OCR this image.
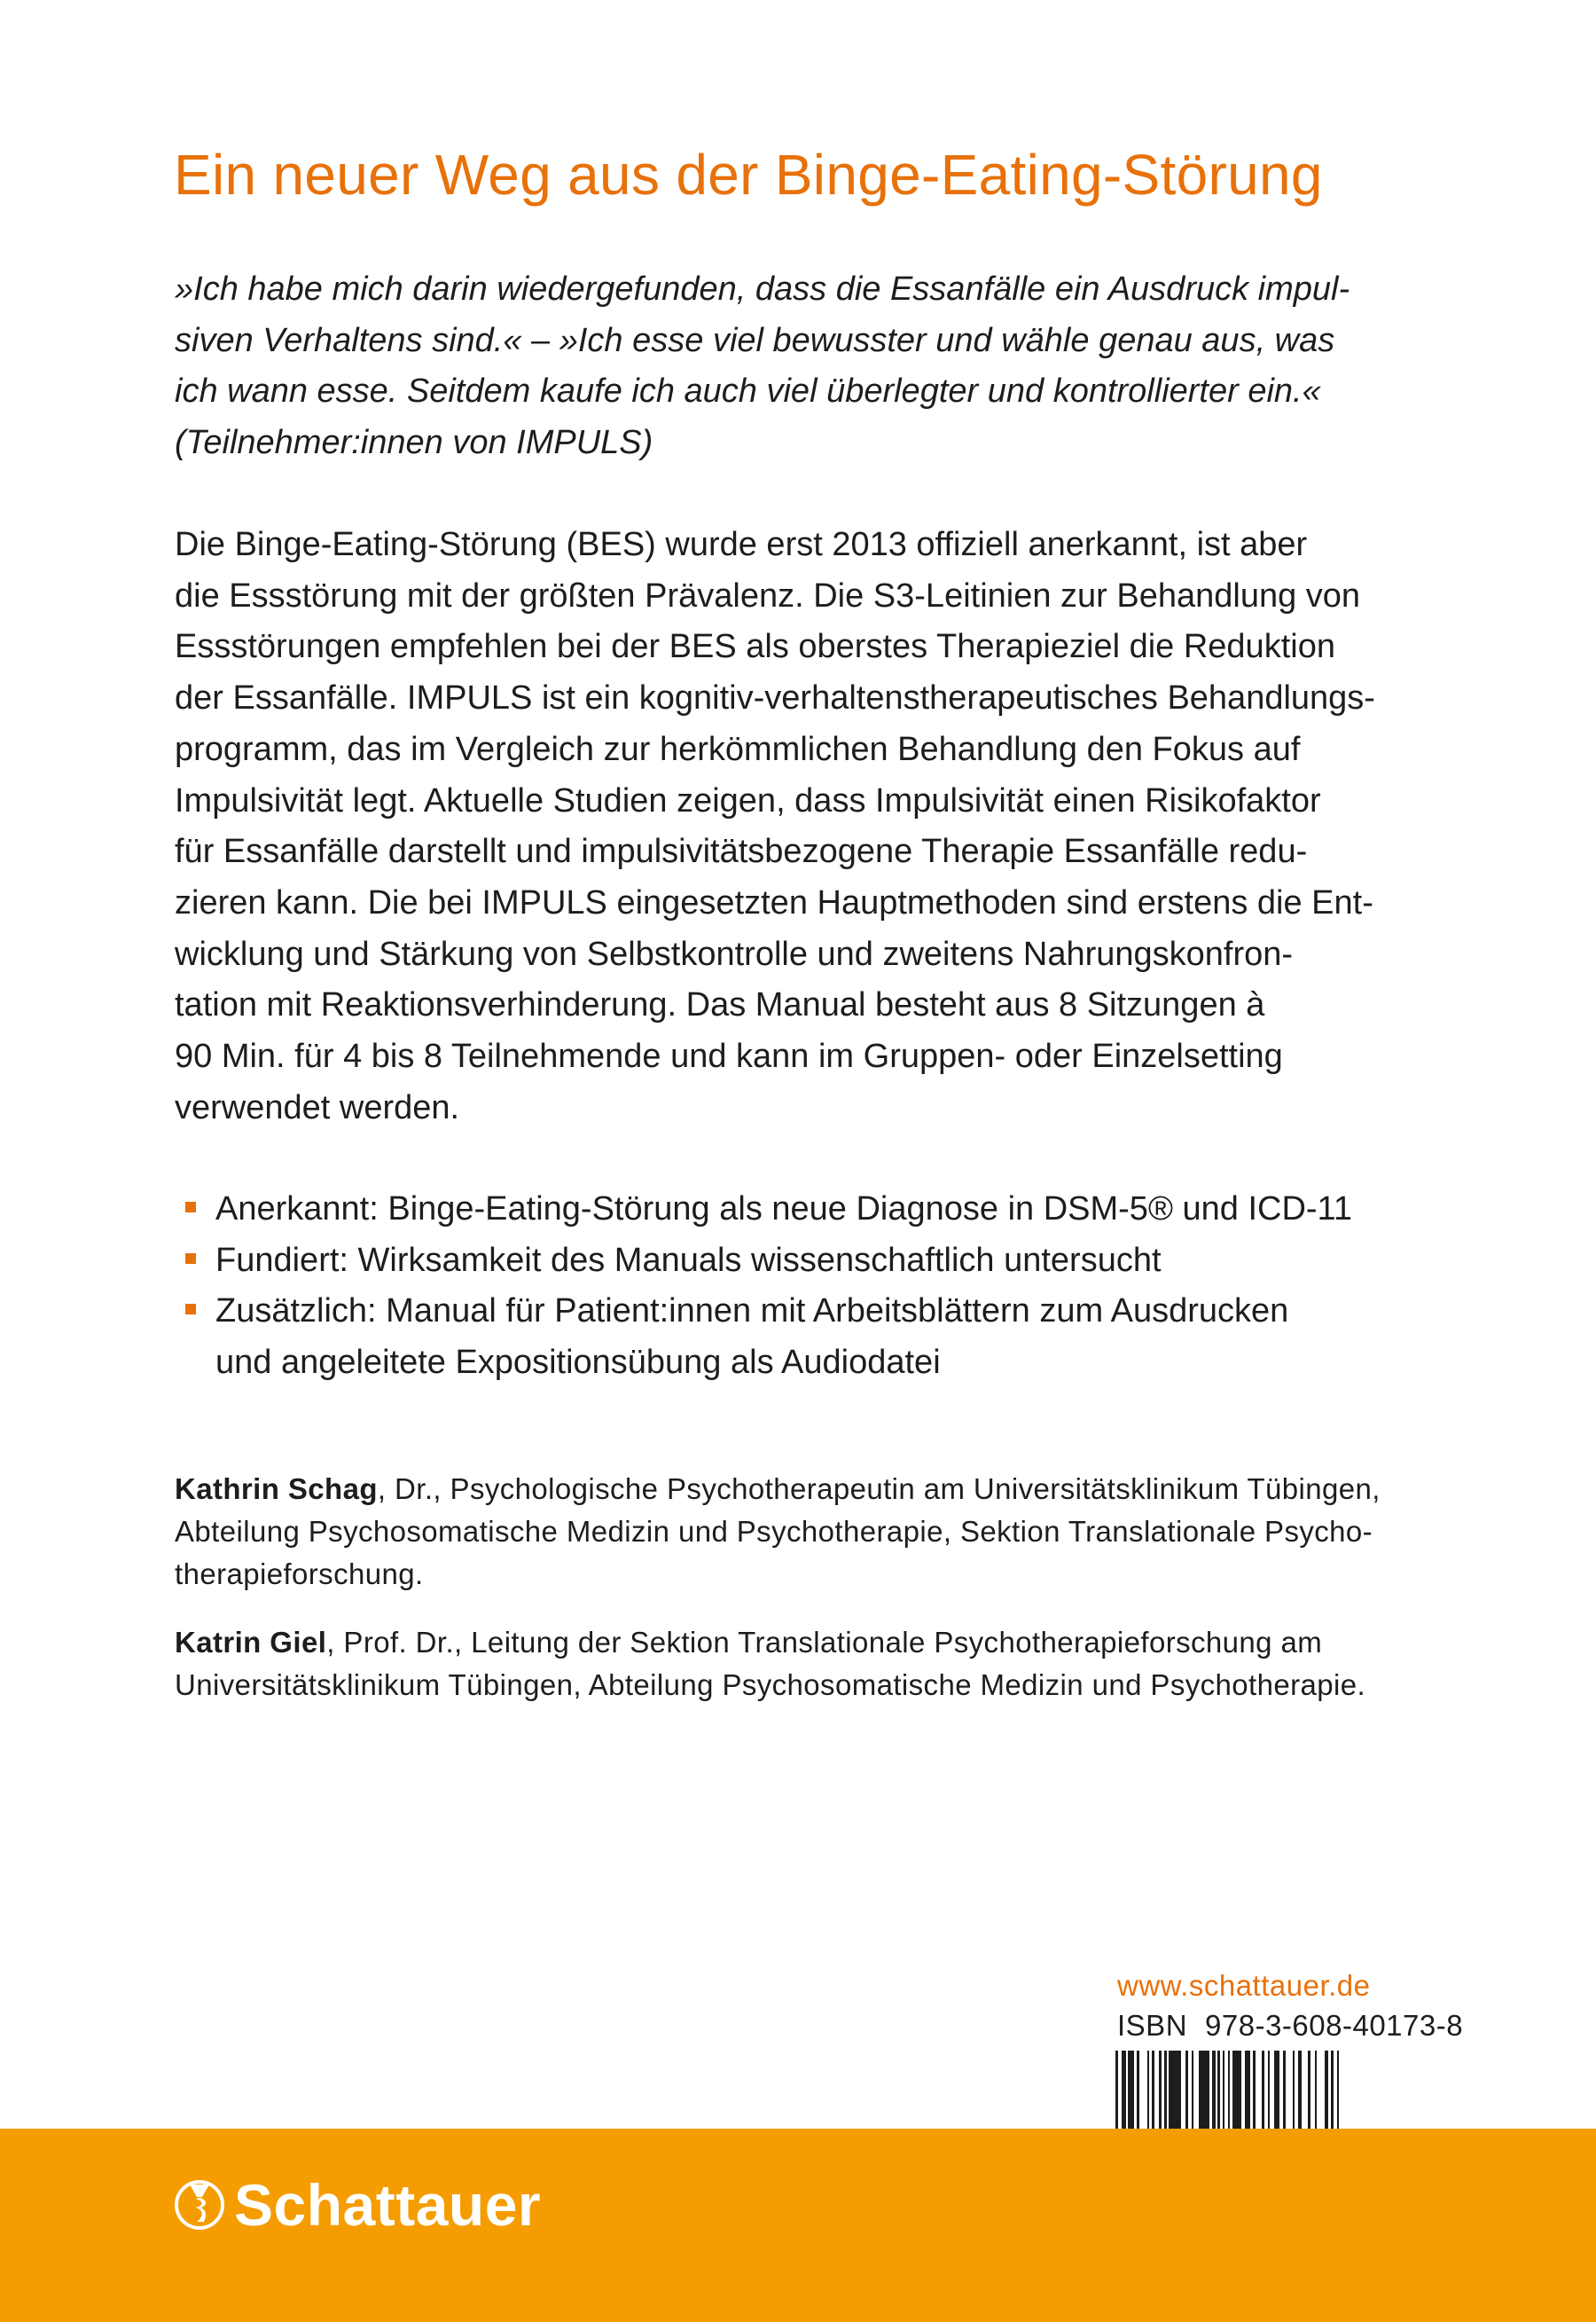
Ein neuer Weg aus der Binge-Eating-Störung
»Ich habe mich darin wiedergefunden, dass die Essanfälle ein Ausdruck impul-
siven Verhaltens sind.« – »Ich esse viel bewusster und wähle genau aus, was
ich wann esse. Seitdem kaufe ich auch viel überlegter und kontrollierter ein.«
(Teilnehmer:innen von IMPULS)
Die Binge-Eating-Störung (BES) wurde erst 2013 offiziell anerkannt, ist aber
die Essstörung mit der größten Prävalenz. Die S3-Leitinien zur Behandlung von
Essstörungen empfehlen bei der BES als oberstes Therapieziel die Reduktion
der Essanfälle. IMPULS ist ein kognitiv-verhaltenstherapeutisches Behandlungs-
programm, das im Vergleich zur herkömmlichen Behandlung den Fokus auf
Impulsivität legt. Aktuelle Studien zeigen, dass Impulsivität einen Risikofaktor
für Essanfälle darstellt und impulsivitätsbezogene Therapie Essanfälle redu-
zieren kann. Die bei IMPULS eingesetzten Hauptmethoden sind erstens die Ent-
wicklung und Stärkung von Selbstkontrolle und zweitens Nahrungskonfron-
tation mit Reaktionsverhinderung. Das Manual besteht aus 8 Sitzungen à
90 Min. für 4 bis 8 Teilnehmende und kann im Gruppen- oder Einzelsetting
verwendet werden.
Anerkannt: Binge-Eating-Störung als neue Diagnose in DSM-5® und ICD-11
Fundiert: Wirksamkeit des Manuals wissenschaftlich untersucht
Zusätzlich: Manual für Patient:innen mit Arbeitsblättern zum Ausdrucken
und angeleitete Expositionsübung als Audiodatei
Kathrin Schag, Dr., Psychologische Psychotherapeutin am Universitätsklinikum Tübingen,
Abteilung Psychosomatische Medizin und Psychotherapie, Sektion Translationale Psycho-
therapieforschung.
Katrin Giel, Prof. Dr., Leitung der Sektion Translationale Psychotherapieforschung am
Universitätsklinikum Tübingen, Abteilung Psychosomatische Medizin und Psychotherapie.
www.schattauer.de
ISBN 978-3-608-40173-8
Schattauer
